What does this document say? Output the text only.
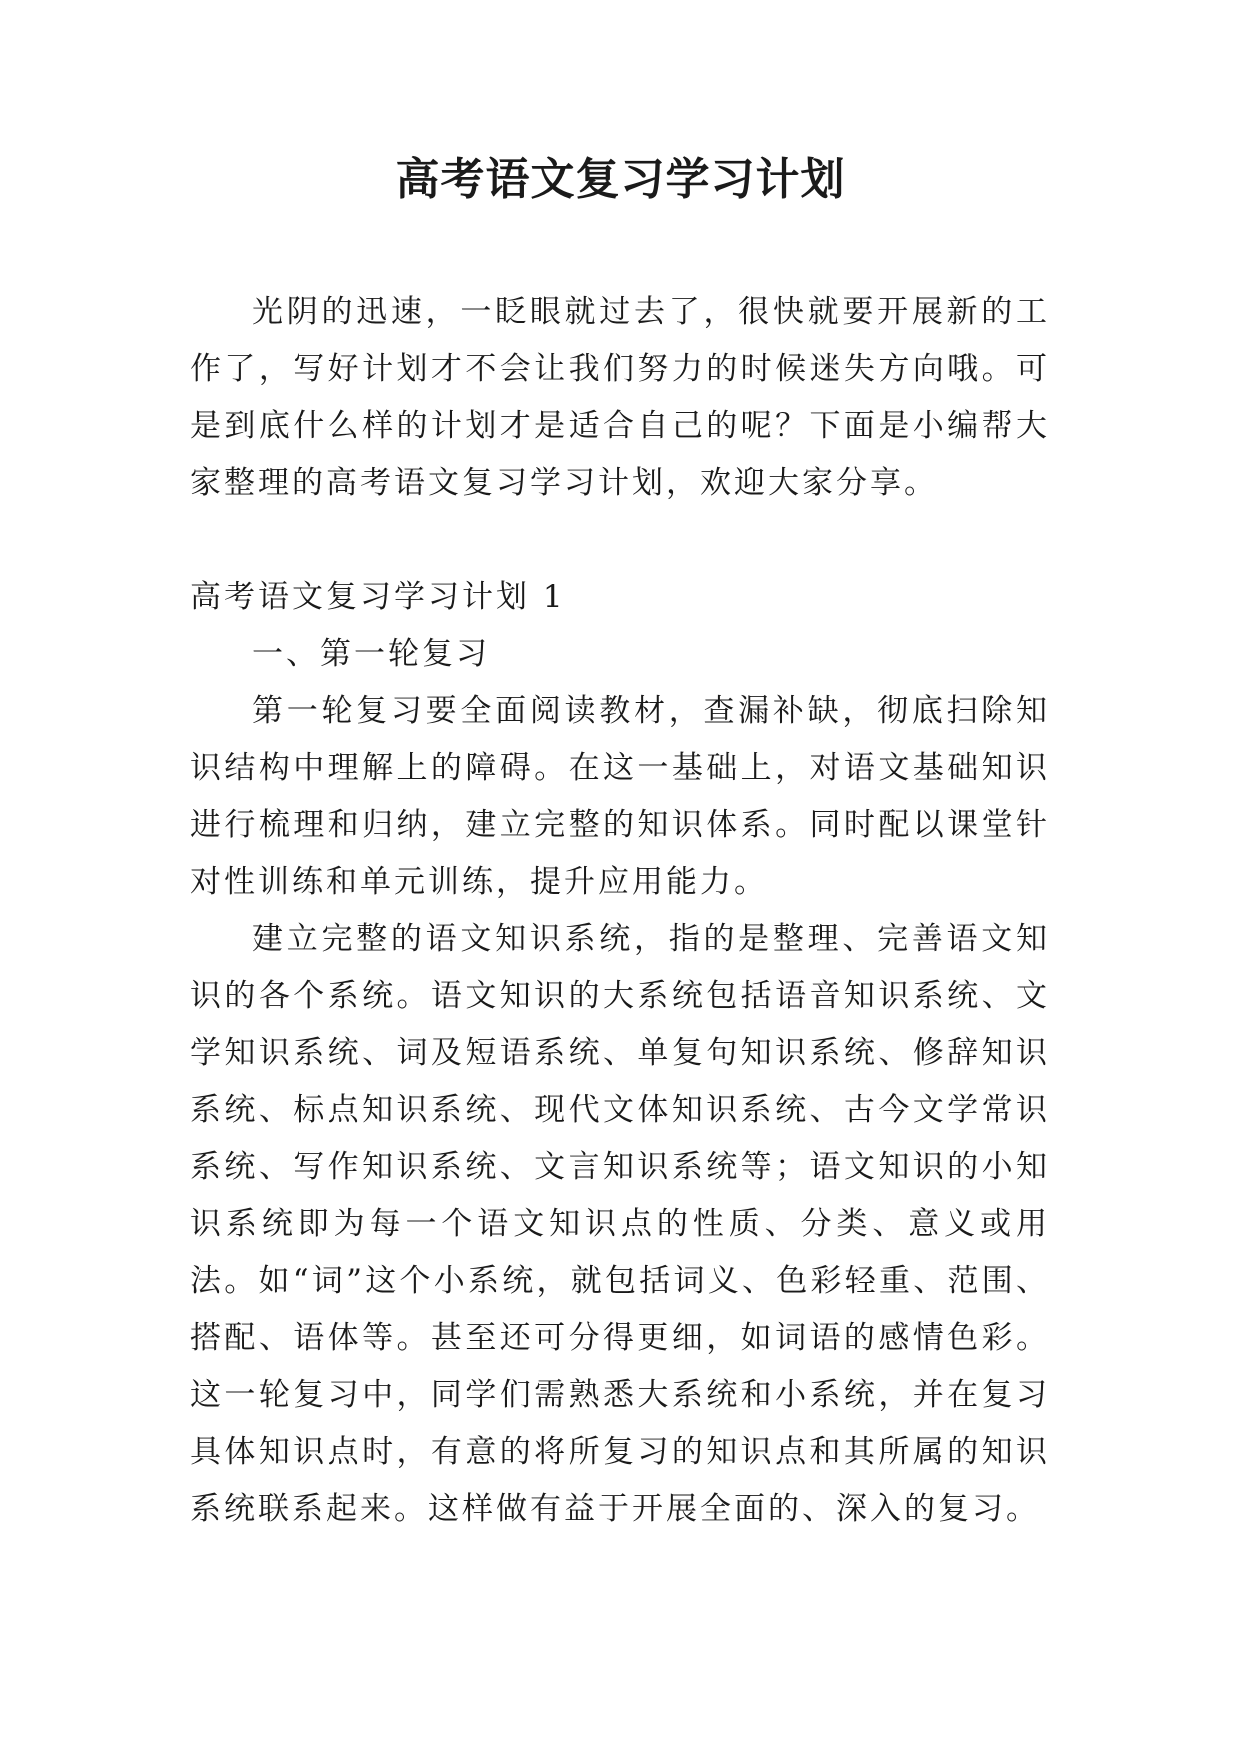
高考语文复习学习计划

光阴的迅速，一眨眼就过去了，很快就要开展新的工作了，写好计划才不会让我们努力的时候迷失方向哦。可是到底什么样的计划才是适合自己的呢？下面是小编帮大家整理的高考语文复习学习计划，欢迎大家分享。

高考语文复习学习计划 1

一、第一轮复习

第一轮复习要全面阅读教材，查漏补缺，彻底扫除知识结构中理解上的障碍。在这一基础上，对语文基础知识进行梳理和归纳，建立完整的知识体系。同时配以课堂针对性训练和单元训练，提升应用能力。

建立完整的语文知识系统，指的是整理、完善语文知识的各个系统。语文知识的大系统包括语音知识系统、文学知识系统、词及短语系统、单复句知识系统、修辞知识系统、标点知识系统、现代文体知识系统、古今文学常识系统、写作知识系统、文言知识系统等；语文知识的小知识系统即为每一个语文知识点的性质、分类、意义或用法。如“词”这个小系统，就包括词义、色彩轻重、范围、搭配、语体等。甚至还可分得更细，如词语的感情色彩。这一轮复习中，同学们需熟悉大系统和小系统，并在复习具体知识点时，有意的将所复习的知识点和其所属的知识系统联系起来。这样做有益于开展全面的、深入的复习。
